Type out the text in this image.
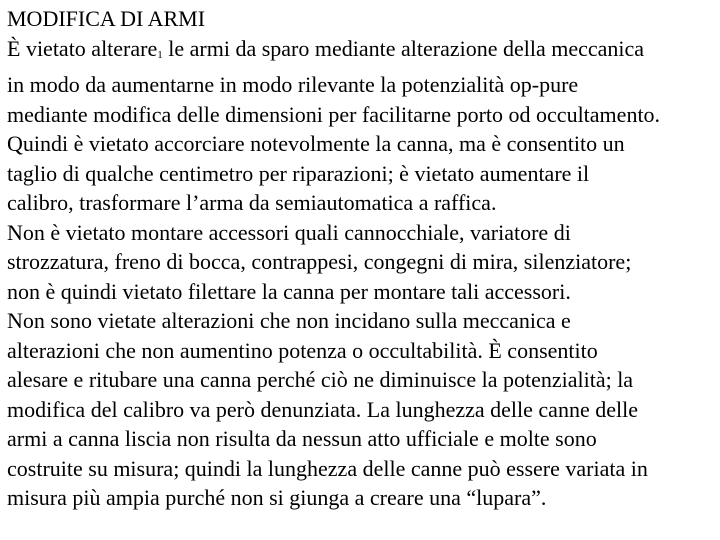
MODIFICA DI ARMI
È vietato alterare$_1$ le armi da sparo mediante alterazione della meccanica
in modo da aumentarne in modo rilevante la potenzialità op-pure
mediante modifica delle dimensioni per facilitarne porto od occultamento.
Quindi è vietato accorciare notevolmente la canna, ma è consentito un
taglio di qualche centimetro per riparazioni; è vietato aumentare il
calibro, trasformare l’arma da semiautomatica a raffica.
Non è vietato montare accessori quali cannocchiale, variatore di
strozzatura, freno di bocca, contrappesi, congegni di mira, silenziatore;
non è quindi vietato filettare la canna per montare tali accessori.
Non sono vietate alterazioni che non incidano sulla meccanica e
alterazioni che non aumentino potenza o occultabilità. È consentito
alesare e ritubare una canna perché ciò ne diminuisce la potenzialità; la
modifica del calibro va però denunziata. La lunghezza delle canne delle
armi a canna liscia non risulta da nessun atto ufficiale e molte sono
costruite su misura; quindi la lunghezza delle canne può essere variata in
misura più ampia purché non si giunga a creare una “lupara”.
